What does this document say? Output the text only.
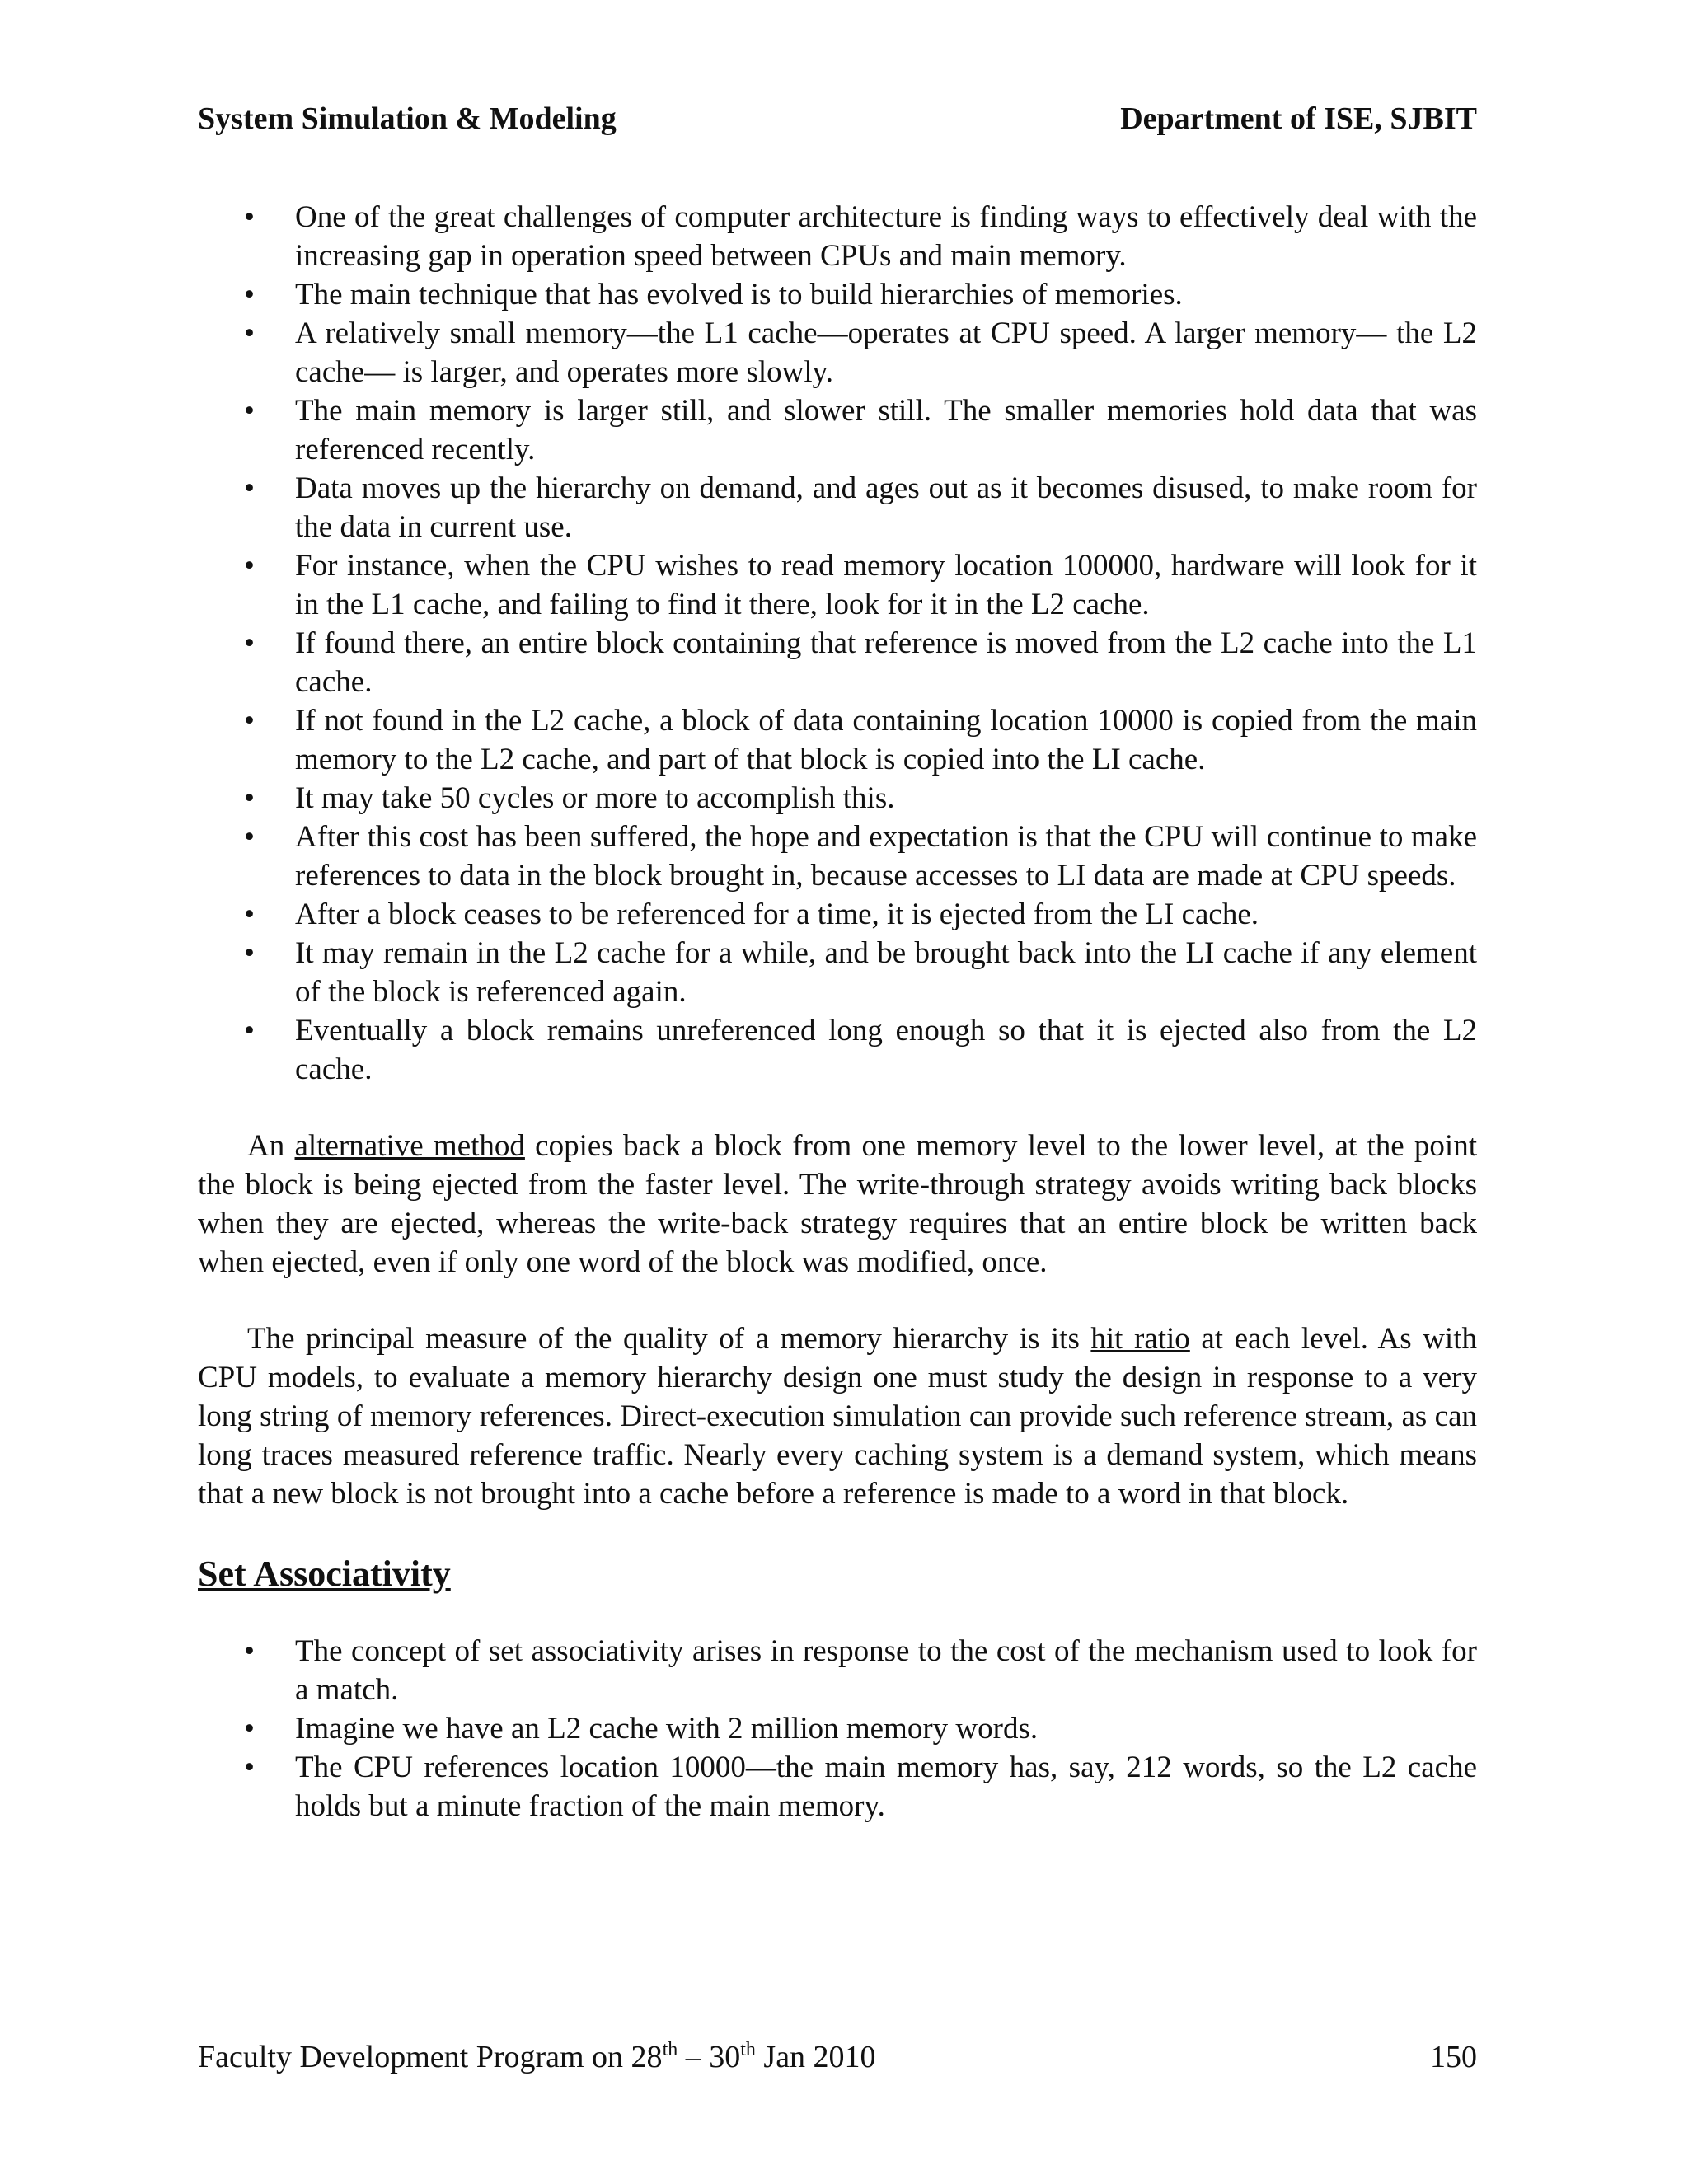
System Simulation & Modeling	Department of ISE, SJBIT
• One of the great challenges of computer architecture is finding ways to effectively deal with the increasing gap in operation speed between CPUs and main memory.
• The main technique that has evolved is to build hierarchies of memories.
• A relatively small memory—the L1 cache—operates at CPU speed. A larger memory— the L2 cache— is larger, and operates more slowly.
• The main memory is larger still, and slower still. The smaller memories hold data that was referenced recently.
• Data moves up the hierarchy on demand, and ages out as it becomes disused, to make room for the data in current use.
• For instance, when the CPU wishes to read memory location 100000, hardware will look for it in the L1 cache, and failing to find it there, look for it in the L2 cache.
• If found there, an entire block containing that reference is moved from the L2 cache into the L1 cache.
• If not found in the L2 cache, a block of data containing location 10000 is copied from the main memory to the L2 cache, and part of that block is copied into the LI cache.
• It may take 50 cycles or more to accomplish this.
• After this cost has been suffered, the hope and expectation is that the CPU will continue to make references to data in the block brought in, because accesses to LI data are made at CPU speeds.
• After a block ceases to be referenced for a time, it is ejected from the LI cache.
• It may remain in the L2 cache for a while, and be brought back into the LI cache if any element of the block is referenced again.
• Eventually a block remains unreferenced long enough so that it is ejected also from the L2 cache.

An alternative method copies back a block from one memory level to the lower level, at the point the block is being ejected from the faster level. The write-through strategy avoids writing back blocks when they are ejected, whereas the write-back strategy requires that an entire block be written back when ejected, even if only one word of the block was modified, once.

The principal measure of the quality of a memory hierarchy is its hit ratio at each level. As with CPU models, to evaluate a memory hierarchy design one must study the design in response to a very long string of memory references. Direct-execution simulation can provide such reference stream, as can long traces measured reference traffic. Nearly every caching system is a demand system, which means that a new block is not brought into a cache before a reference is made to a word in that block.

Set Associativity
• The concept of set associativity arises in response to the cost of the mechanism used to look for a match.
• Imagine we have an L2 cache with 2 million memory words.
• The CPU references location 10000—the main memory has, say, 212 words, so the L2 cache holds but a minute fraction of the main memory.
Faculty Development Program on 28th – 30th Jan 2010	150
